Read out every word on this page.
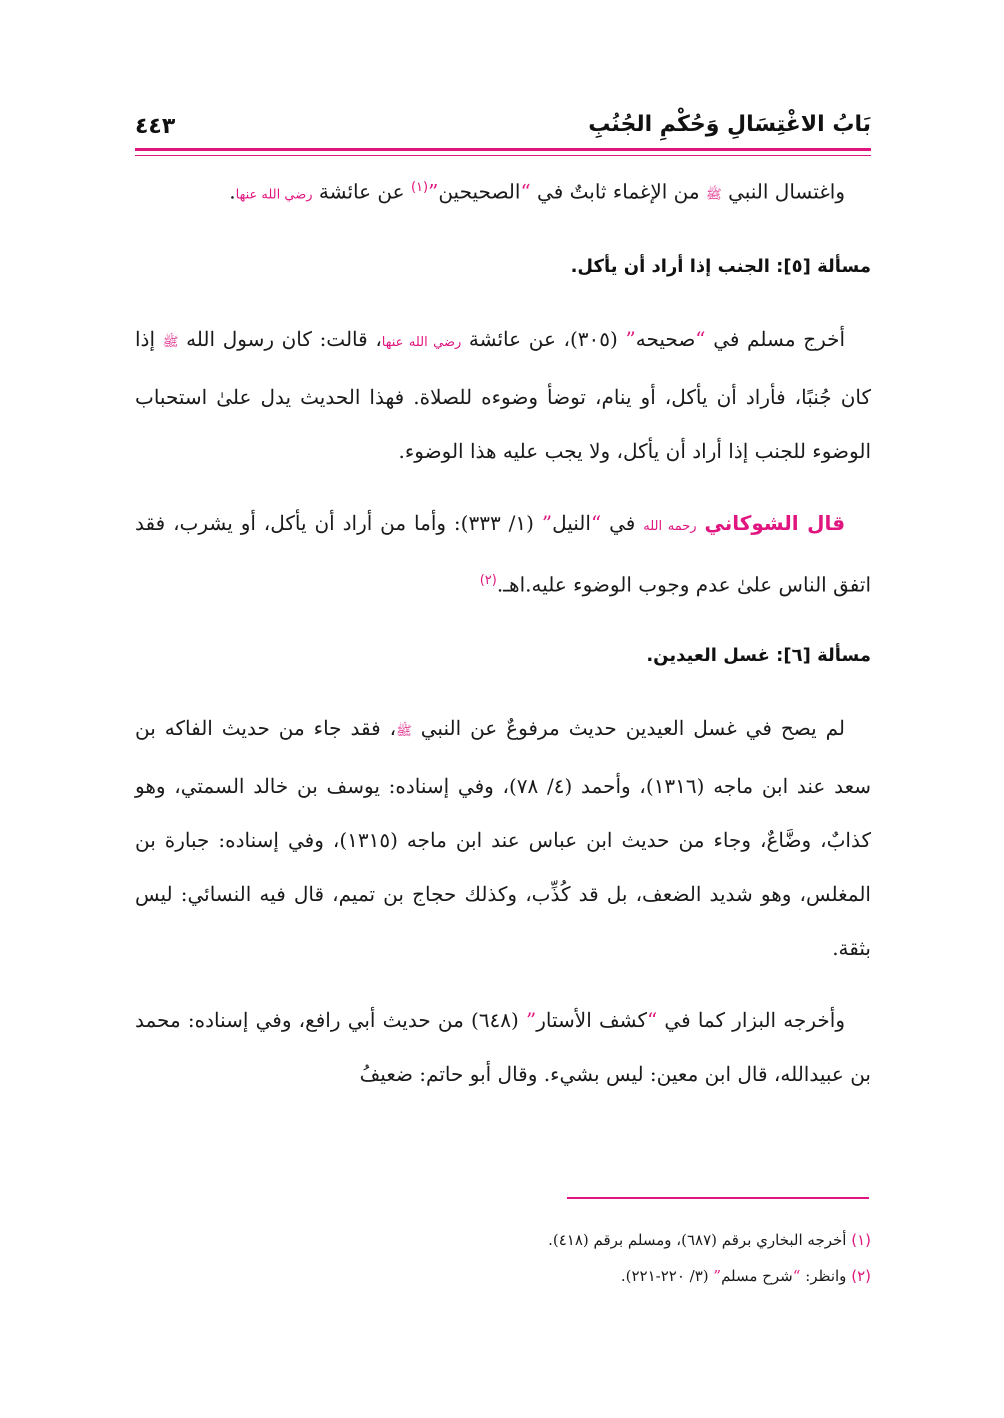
بَابُ الاغْتِسَالِ وَحُكْمِ الجُنُبِ
٤٤٣

واغتسال النبي ﷺ من الإغماء ثابتٌ في “الصحيحين”$^{(١)}$ عن عائشة رضي الله عنها.

مسألة [٥]: الجنب إذا أراد أن يأكل.

أخرج مسلم في “صحيحه” (٣٠٥)، عن عائشة رضي الله عنها، قالت: كان رسول الله ﷺ إذا كان جُنبًا، فأراد أن يأكل، أو ينام، توضأ وضوءه للصلاة. فهذا الحديث يدل علىٰ استحباب الوضوء للجنب إذا أراد أن يأكل، ولا يجب عليه هذا الوضوء.

قال الشوكاني رحمه الله في “النيل” (١/ ٣٣٣): وأما من أراد أن يأكل، أو يشرب، فقد اتفق الناس علىٰ عدم وجوب الوضوء عليه.اهـ.$^{(٢)}$

مسألة [٦]: غسل العيدين.

لم يصح في غسل العيدين حديث مرفوعٌ عن النبي ﷺ، فقد جاء من حديث الفاكه بن سعد عند ابن ماجه (١٣١٦)، وأحمد (٤/ ٧٨)، وفي إسناده: يوسف بن خالد السمتي، وهو كذابٌ، وضَّاعٌ، وجاء من حديث ابن عباس عند ابن ماجه (١٣١٥)، وفي إسناده: جبارة بن المغلس، وهو شديد الضعف، بل قد كُذِّب، وكذلك حجاج بن تميم، قال فيه النسائي: ليس بثقة.

وأخرجه البزار كما في “كشف الأستار” (٦٤٨) من حديث أبي رافع، وفي إسناده: محمد بن عبيدالله، قال ابن معين: ليس بشيء. وقال أبو حاتم: ضعيفُ

(١) أخرجه البخاري برقم (٦٨٧)، ومسلم برقم (٤١٨).
(٢) وانظر: “شرح مسلم” (٣/ ٢٢٠-٢٢١).
